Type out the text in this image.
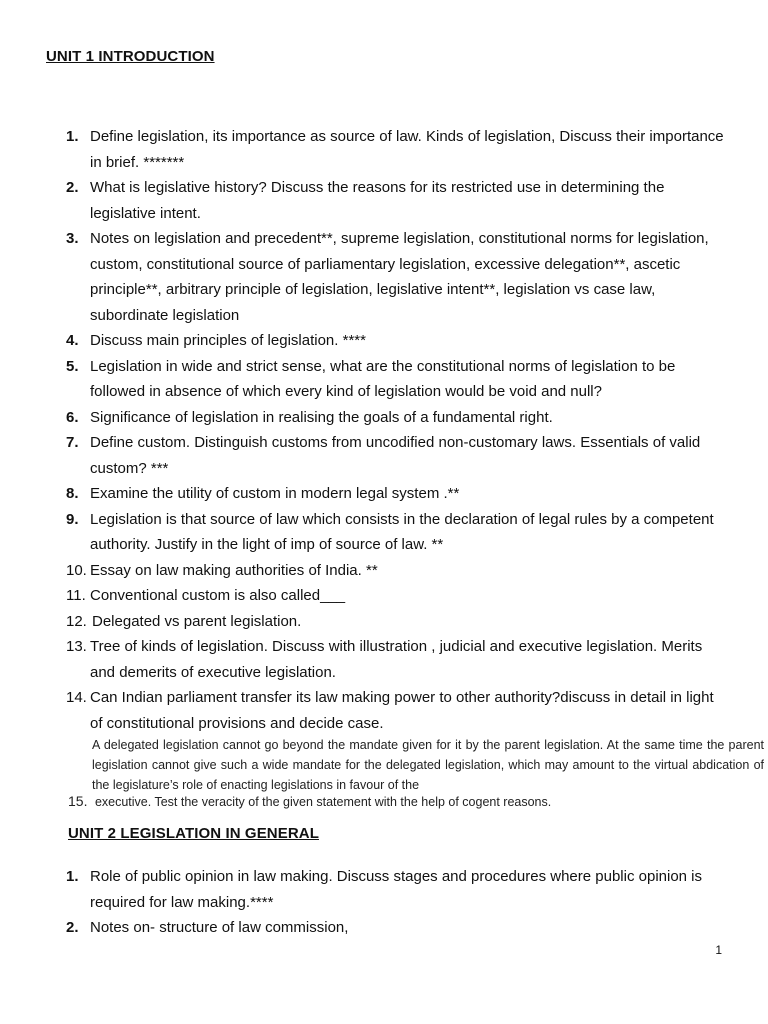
UNIT 1 INTRODUCTION
1. Define legislation, its importance as source of law. Kinds of legislation, Discuss their importance in brief. *******
2. What is legislative history? Discuss the reasons for its restricted use in determining the legislative intent.
3. Notes on legislation and precedent**, supreme legislation, constitutional norms for legislation, custom, constitutional source of parliamentary legislation, excessive delegation**, ascetic principle**, arbitrary principle of legislation, legislative intent**, legislation vs case law, subordinate legislation
4. Discuss main principles of legislation. ****
5. Legislation in wide and strict sense, what are the constitutional norms of legislation to be followed in absence of which every kind of legislation would be void and null?
6. Significance of legislation in realising the goals of a fundamental right.
7. Define custom. Distinguish customs from uncodified non-customary laws. Essentials of valid custom? ***
8. Examine the utility of custom in modern legal system .**
9. Legislation is that source of law which consists in the declaration of legal rules by a competent authority. Justify in the light of imp of source of law. **
10. Essay on law making authorities of India. **
11. Conventional custom is also called___
12. Delegated vs parent legislation.
13. Tree of kinds of legislation. Discuss with illustration , judicial and executive legislation. Merits and demerits of executive legislation.
14. Can Indian parliament transfer its law making power to other authority?discuss in detail in light of constitutional provisions and decide case.
A delegated legislation cannot go beyond the mandate given for it by the parent legislation. At the same time the parent legislation cannot give such a wide mandate for the delegated legislation, which may amount to the virtual abdication of the legislature’s role of enacting legislations in favour of the
15. executive. Test the veracity of the given statement with the help of cogent reasons.
UNIT 2 LEGISLATION IN GENERAL
1. Role of public opinion in law making. Discuss stages and procedures where public opinion is required for law making.****
2. Notes on- structure of law commission,
1
